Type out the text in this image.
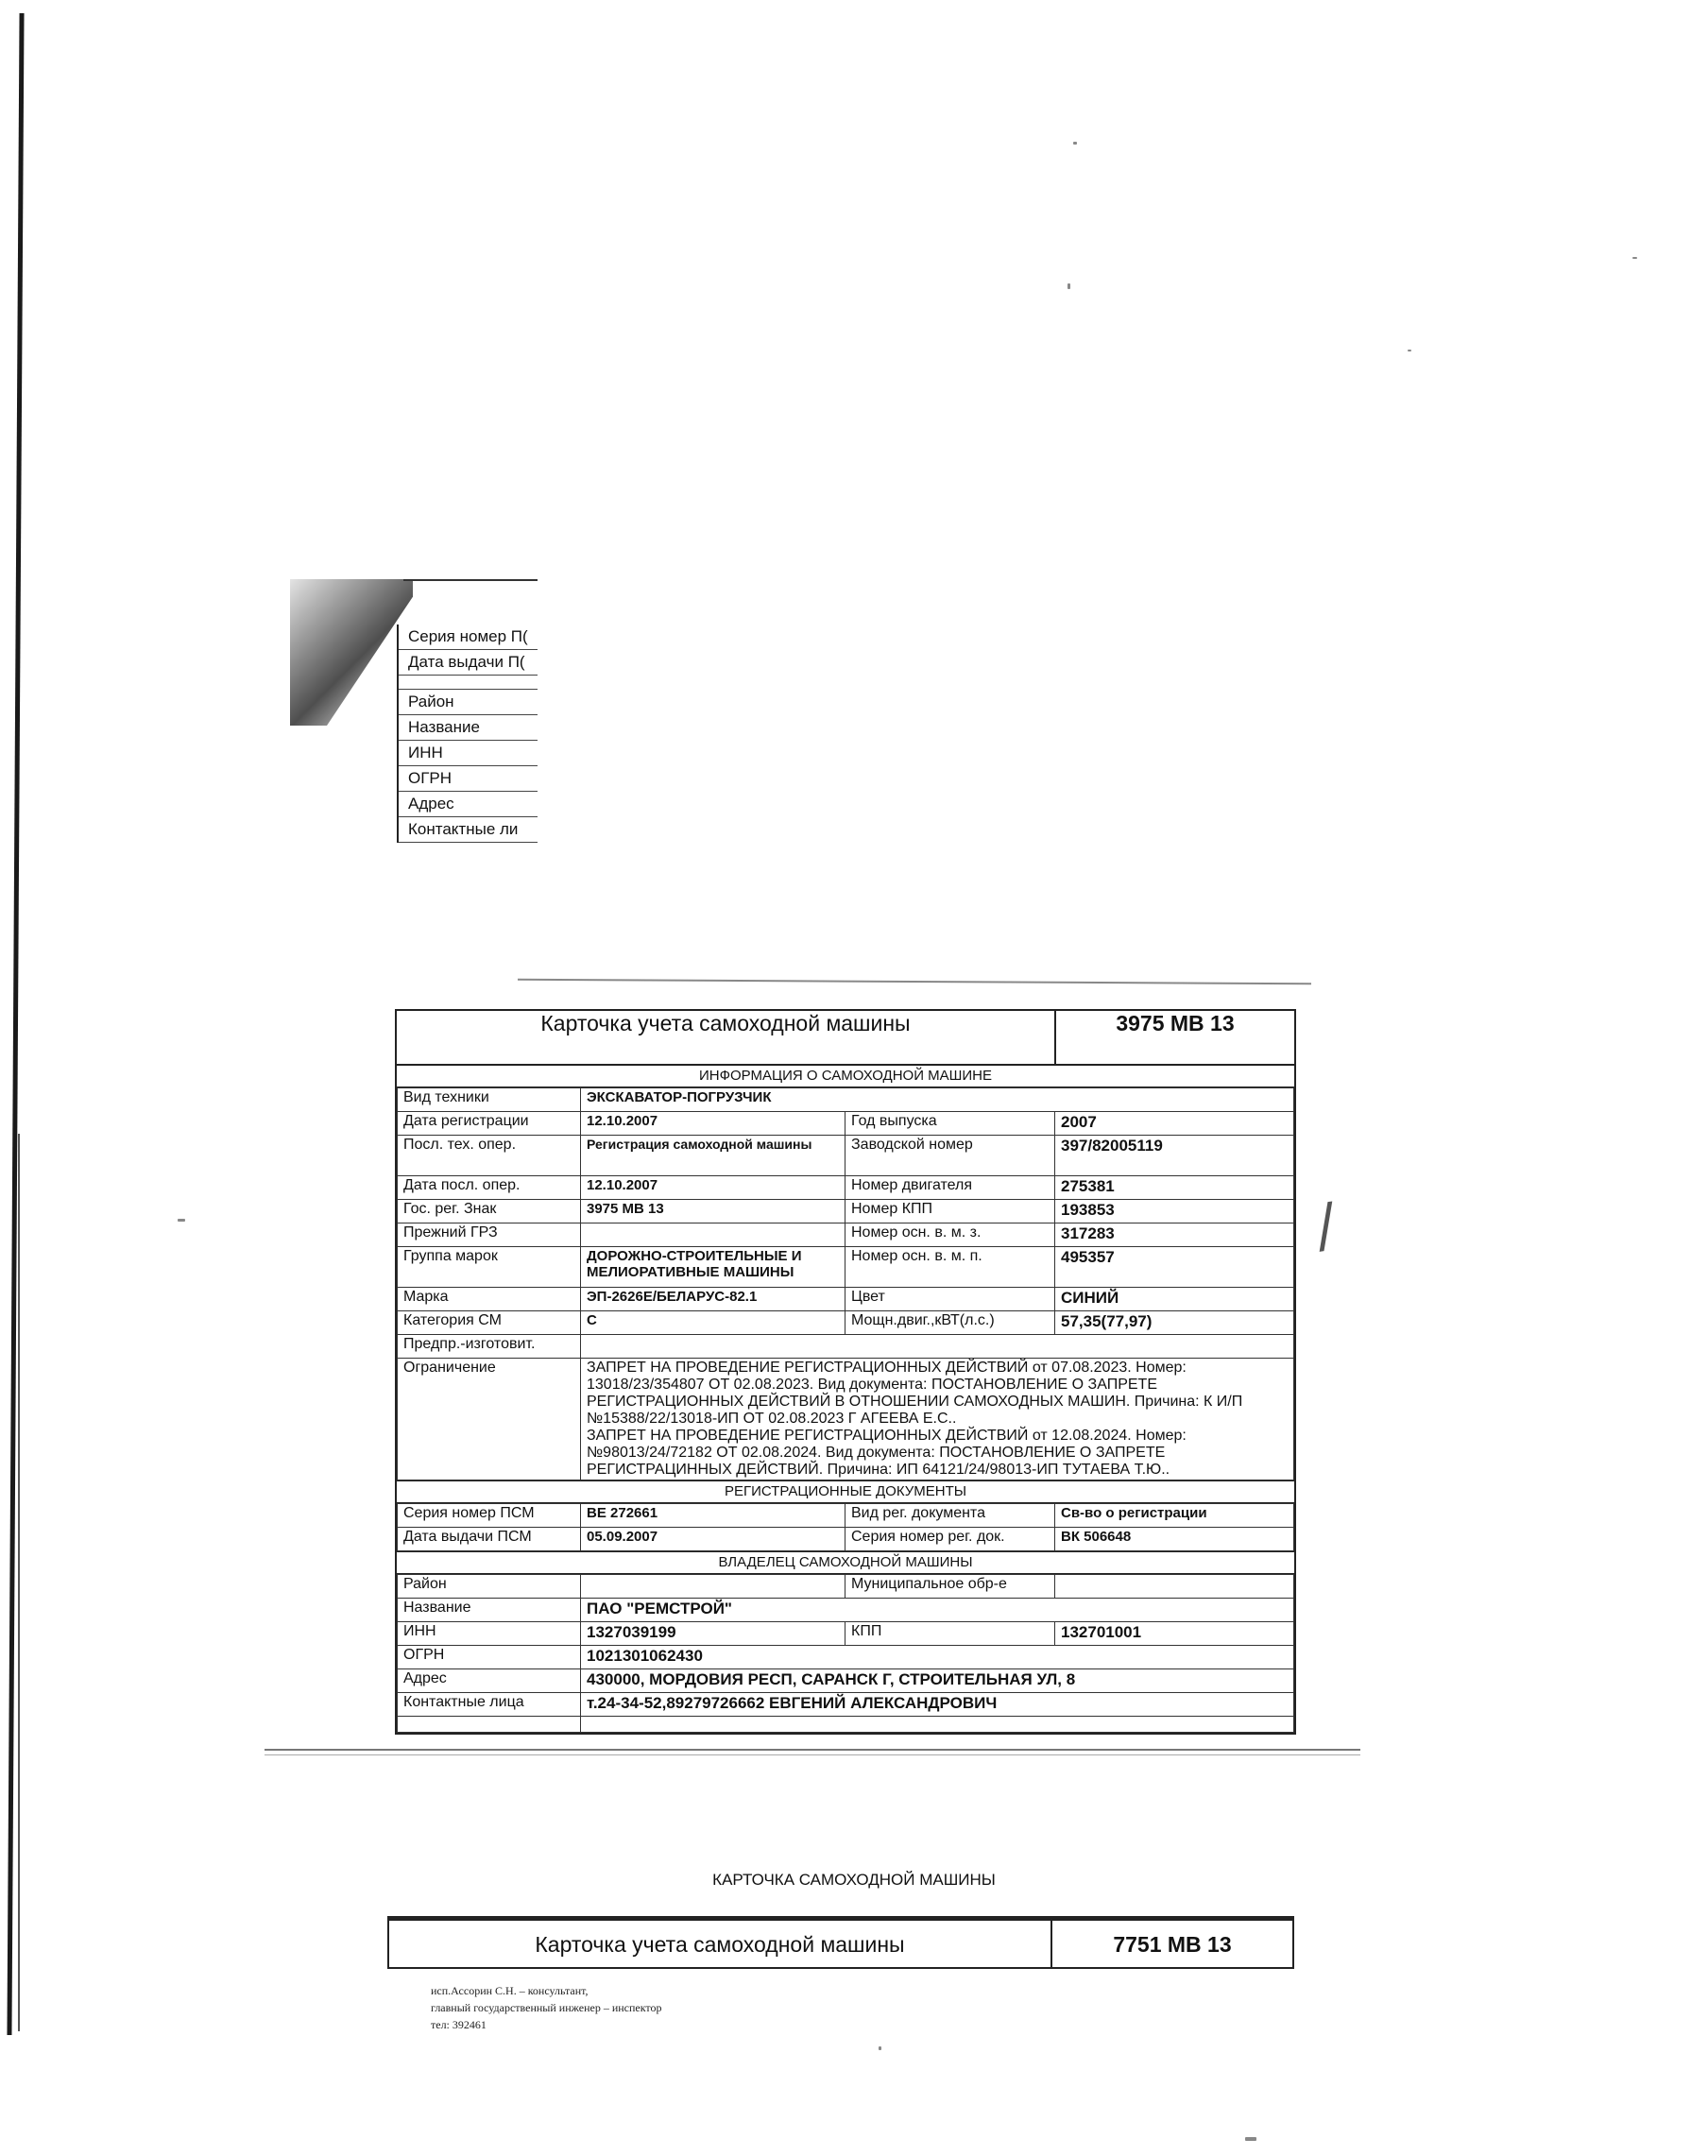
Серия номер П(
Дата выдачи П(
Район
Название
ИНН
ОГРН
Адрес
Контактные ли
Карточка учета самоходной машины	3975 MB 13
ИНФОРМАЦИЯ О САМОХОДНОЙ МАШИНЕ
Вид техники	ЭКСКАВАТОР-ПОГРУЗЧИК		
Дата регистрации	12.10.2007	Год выпуска	2007
Посл. тех. опер.	Регистрация самоходной машины	Заводской номер	397/82005119
Дата посл. опер.	12.10.2007	Номер двигателя	275381
Гос. рег. Знак	3975 MB 13	Номер КПП	193853
Прежний ГРЗ		Номер осн. в. м. з.	317283
Группа марок	ДОРОЖНО-СТРОИТЕЛЬНЫЕ И МЕЛИОРАТИВНЫЕ МАШИНЫ	Номер осн. в. м. п.	495357
Марка	ЭП-2626Е/БЕЛАРУС-82.1	Цвет	СИНИЙ
Категория СМ	С	Мощн.двиг.,кВТ(л.с.)	57,35(77,97)
Предпр.-изготовит.			
Ограничение	ЗАПРЕТ НА ПРОВЕДЕНИЕ РЕГИСТРАЦИОННЫХ ДЕЙСТВИЙ от 07.08.2023. Номер: 13018/23/354807 ОТ 02.08.2023. Вид документа: ПОСТАНОВЛЕНИЕ О ЗАПРЕТЕ РЕГИСТРАЦИОННЫХ ДЕЙСТВИЙ В ОТНОШЕНИИ САМОХОДНЫХ МАШИН. Причина: К И/П №15388/22/13018-ИП ОТ 02.08.2023 Г АГЕЕВА Е.С..

ЗАПРЕТ НА ПРОВЕДЕНИЕ РЕГИСТРАЦИОННЫХ ДЕЙСТВИЙ от 12.08.2024. Номер: №98013/24/72182 ОТ 02.08.2024. Вид документа: ПОСТАНОВЛЕНИЕ О ЗАПРЕТЕ РЕГИСТРАЦИННЫХ ДЕЙСТВИЙ. Причина: ИП 64121/24/98013-ИП ТУТАЕВА Т.Ю..		

РЕГИСТРАЦИОННЫЕ ДОКУМЕНТЫ
Серия номер ПСМ	ВЕ 272661	Вид рег. документа	Св-во о регистрации
Дата выдачи ПСМ	05.09.2007	Серия номер рег. док.	ВК 506648
ВЛАДЕЛЕЦ САМОХОДНОЙ МАШИНЫ
Район		Муниципальное обр-е	
Название	ПАО "РЕМСТРОЙ"		
ИНН	1327039199	КПП	132701001
ОГРН	1021301062430		
Адрес	430000, МОРДОВИЯ РЕСП, САРАНСК Г, СТРОИТЕЛЬНАЯ УЛ, 8		
Контактные лица	т.24-34-52,89279726662 ЕВГЕНИЙ АЛЕКСАНДРОВИЧ		

/
КАРТОЧКА САМОХОДНОЙ МАШИНЫ
Карточка учета самоходной машины	7751 MB 13
исп.Ассорин С.Н. – консультант,
главный государственный инженер – инспектор
тел: 392461
